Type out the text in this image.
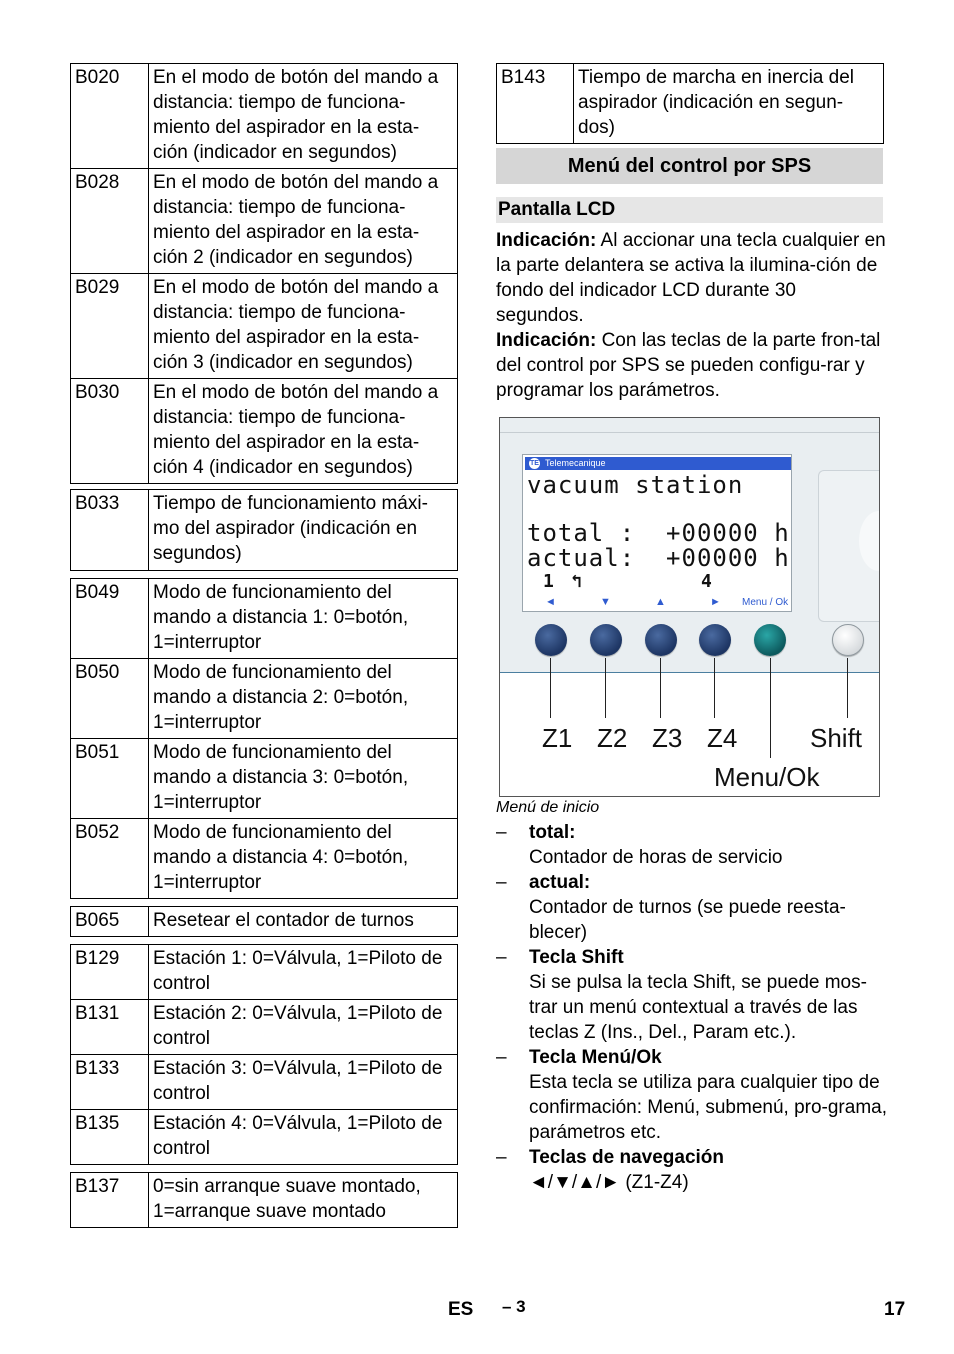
B020	En el modo de botón del mando a distancia: tiempo de funciona-miento del aspirador en la esta-ción (indicador en segundos)
B028	En el modo de botón del mando a distancia: tiempo de funciona-miento del aspirador en la esta-ción 2 (indicador en segundos)
B029	En el modo de botón del mando a distancia: tiempo de funciona-miento del aspirador en la esta-ción 3 (indicador en segundos)
B030	En el modo de botón del mando a distancia: tiempo de funciona-miento del aspirador en la esta-ción 4 (indicador en segundos)
B033	Tiempo de funcionamiento máxi-mo del aspirador (indicación en segundos)
B049	Modo de funcionamiento del mando a distancia 1: 0=botón, 1=interruptor
B050	Modo de funcionamiento del mando a distancia 2: 0=botón, 1=interruptor
B051	Modo de funcionamiento del mando a distancia 3: 0=botón, 1=interruptor
B052	Modo de funcionamiento del mando a distancia 4: 0=botón, 1=interruptor
B065	Resetear el contador de turnos
B129	Estación 1: 0=Válvula, 1=Piloto de control
B131	Estación 2: 0=Válvula, 1=Piloto de control
B133	Estación 3: 0=Válvula, 1=Piloto de control
B135	Estación 4: 0=Válvula, 1=Piloto de control
B137	0=sin arranque suave montado, 1=arranque suave montado
B143	Tiempo de marcha en inercia del aspirador (indicación en segun-dos)
Menú del control por SPS
Pantalla LCD

Indicación: Al accionar una tecla cualquier en la parte delantera se activa la ilumina-ción de fondo del indicador LCD durante 30 segundos.

Indicación: Con las teclas de la parte fron-tal del control por SPS se pueden configu-rar y programar los parámetros.

TE Telemecanique
vacuum station
total :  +00000 h
actual:  +00000 h
1 ↰	4
◄	▼	▲	► Menu / Ok
Z1 Z2 Z3 Z4	Shift
Menu/Ok
Menú de inicio
– total:
Contador de horas de servicio
– actual:
Contador de turnos (se puede reesta-blecer)
– Tecla Shift
Si se pulsa la tecla Shift, se puede mos-trar un menú contextual a través de las teclas Z (Ins., Del., Param etc.).
– Tecla Menú/Ok
Esta tecla se utiliza para cualquier tipo de confirmación: Menú, submenú, pro-grama, parámetros etc.
– Teclas de navegación
◄/▼/▲/► (Z1-Z4)
ES – 3	17
